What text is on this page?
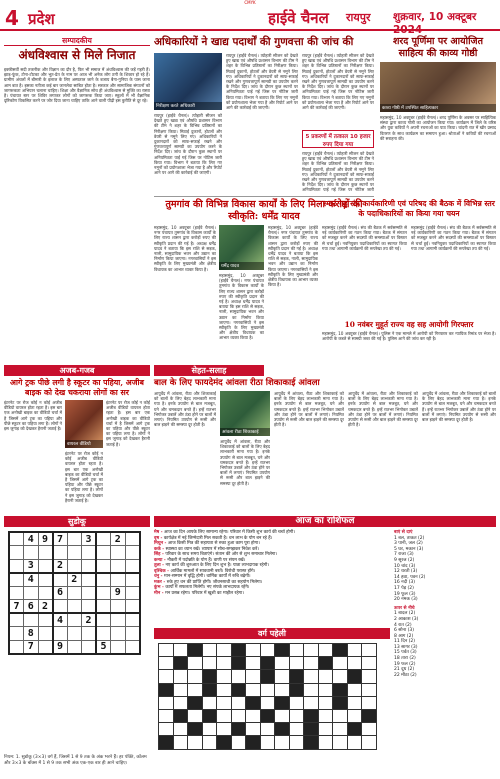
CMYK
4 प्रदेश	हाईवे चैनल रायपुर शुक्रवार, 10 अक्टूबर 2024
सम्पादकीय
अंधविश्वास से मिले निजात
इक्कीसवीं सदी तकनीक और विज्ञान का दौर है, फिर भी समाज में अंधविश्वास की जड़ें गहरी हैं। झाड़-फूंक, टोना-टोटका और भूत-प्रेत के नाम पर आज भी अनेक लोग ठगी के शिकार हो रहे हैं। ग्रामीण अंचलों में बीमारी के इलाज के लिए अस्पताल जाने के बजाय बैगा-गुनिया के पास जाना आम बात है। इसका नतीजा कई बार जानलेवा साबित होता है। सरकार और सामाजिक संगठनों को जागरूकता अभियान चलाना चाहिए। शिक्षा और वैज्ञानिक सोच ही अंधविश्वास से मुक्ति का रास्ता है। पंचायत स्तर पर शिविर लगाकर लोगों को जागरूक किया जाए। स्कूलों में भी वैज्ञानिक दृष्टिकोण विकसित करने पर जोर दिया जाना चाहिए ताकि आने वाली पीढ़ी इस कुरीति से दूर रहे।
अधिकारियों ने खाद्य पदार्थों की गुणवत्ता की जांच की
निरीक्षण करते अधिकारी
रायपुर (हाईवे चैनल)। त्योहारी सीजन को देखते हुए खाद्य एवं औषधि प्रशासन विभाग की टीम ने शहर के विभिन्न प्रतिष्ठानों का निरीक्षण किया। मिठाई दुकानों, होटलों और डेयरी से नमूने लिए गए। अधिकारियों ने दुकानदारों को साफ-सफाई रखने और गुणवत्तापूर्ण सामग्री का उपयोग करने के निर्देश दिए। जांच के दौरान कुछ स्थानों पर अनियमितता पाई गई जिस पर नोटिस जारी किया गया। विभाग ने बताया कि लिए गए नमूनों को प्रयोगशाला भेजा गया है और रिपोर्ट आने पर आगे की कार्रवाई की जाएगी।
रायपुर (हाईवे चैनल)। त्योहारी सीजन को देखते हुए खाद्य एवं औषधि प्रशासन विभाग की टीम ने शहर के विभिन्न प्रतिष्ठानों का निरीक्षण किया। मिठाई दुकानों, होटलों और डेयरी से नमूने लिए गए। अधिकारियों ने दुकानदारों को साफ-सफाई रखने और गुणवत्तापूर्ण सामग्री का उपयोग करने के निर्देश दिए। जांच के दौरान कुछ स्थानों पर अनियमितता पाई गई जिस पर नोटिस जारी किया गया। विभाग ने बताया कि लिए गए नमूनों को प्रयोगशाला भेजा गया है और रिपोर्ट आने पर आगे की कार्रवाई की जाएगी।
5 प्रकरणों में तत्काल 10 हजार रुपए दिया गया
रायपुर (हाईवे चैनल)। त्योहारी सीजन को देखते हुए खाद्य एवं औषधि प्रशासन विभाग की टीम ने शहर के विभिन्न प्रतिष्ठानों का निरीक्षण किया। मिठाई दुकानों, होटलों और डेयरी से नमूने लिए गए। अधिकारियों ने दुकानदारों को साफ-सफाई रखने और गुणवत्तापूर्ण सामग्री का उपयोग करने के निर्देश दिए। जांच के दौरान कुछ स्थानों पर अनियमितता पाई गई जिस पर नोटिस जारी किया गया। विभाग ने बताया कि लिए गए नमूनों को प्रयोगशाला भेजा गया है और रिपोर्ट आने पर आगे की कार्रवाई की जाएगी।
रायपुर (हाईवे चैनल)। त्योहारी सीजन को देखते हुए खाद्य एवं औषधि प्रशासन विभाग की टीम ने शहर के विभिन्न प्रतिष्ठानों का निरीक्षण किया। मिठाई दुकानों, होटलों और डेयरी से नमूने लिए गए। अधिकारियों ने दुकानदारों को साफ-सफाई रखने और गुणवत्तापूर्ण सामग्री का उपयोग करने के निर्देश दिए। जांच के दौरान कुछ स्थानों पर अनियमितता पाई गई जिस पर नोटिस जारी
शरद पूर्णिमा पर आयोजित साहित्य की काव्य गोष्ठी
काव्य गोष्ठी में उपस्थित साहित्यकार
महासमुंद, 10 अक्टूबर (हाईवे चैनल)। शरद पूर्णिमा के अवसर पर साहित्यिक संस्था द्वारा काव्य गोष्ठी का आयोजन किया गया। कार्यक्रम में जिले के वरिष्ठ और युवा कवियों ने अपनी रचनाओं का पाठ किया। चांदनी रात में खीर प्रसाद वितरण के साथ कार्यक्रम का समापन हुआ। श्रोताओं ने कवियों की रचनाओं की सराहना की।
तुमगांव की विभिन्न विकास कार्यों के लिए मिला करोड़ों की स्वीकृति: धर्मेंद्र यादव
महासमुंद, 10 अक्टूबर (हाईवे चैनल)। नगर पंचायत तुमगांव के विकास कार्यों के लिए राज्य शासन द्वारा करोड़ों रुपए की स्वीकृति प्रदान की गई है। अध्यक्ष धर्मेंद्र यादव ने बताया कि इस राशि से सड़क, नाली, सामुदायिक भवन और उद्यान का निर्माण किया जाएगा। नगरवासियों ने इस स्वीकृति के लिए मुख्यमंत्री और क्षेत्रीय विधायक का आभार व्यक्त किया है।
धर्मेंद्र यादव
महासमुंद, 10 अक्टूबर (हाईवे चैनल)। नगर पंचायत तुमगांव के विकास कार्यों के लिए राज्य शासन द्वारा करोड़ों रुपए की स्वीकृति प्रदान की गई है। अध्यक्ष धर्मेंद्र यादव ने बताया कि इस राशि से सड़क, नाली, सामुदायिक भवन और उद्यान का निर्माण किया जाएगा। नगरवासियों ने इस स्वीकृति के लिए मुख्यमंत्री और क्षेत्रीय विधायक का आभार व्यक्त किया है।
महासमुंद, 10 अक्टूबर (हाईवे चैनल)। नगर पंचायत तुमगांव के विकास कार्यों के लिए राज्य शासन द्वारा करोड़ों रुपए की स्वीकृति प्रदान की गई है। अध्यक्ष धर्मेंद्र यादव ने बताया कि इस राशि से सड़क, नाली, सामुदायिक भवन और उद्यान का निर्माण किया जाएगा। नगरवासियों ने इस स्वीकृति के लिए मुख्यमंत्री और क्षेत्रीय विधायक का आभार व्यक्त किया है।
स्मार्ट गड्ड संघ कार्यकारिणी एवं परिषद की बैठक में विभिन्न स्तर के पदाधिकारियों का किया गया चयन
महासमुंद (हाईवे चैनल)। संघ की बैठक में सर्वसम्मति से नई कार्यकारिणी का गठन किया गया। बैठक में संगठन को मजबूत करने और सदस्यों की समस्याओं पर विस्तार से चर्चा हुई। नवनियुक्त पदाधिकारियों का स्वागत किया गया तथा आगामी कार्यक्रमों की रूपरेखा तय की गई।
महासमुंद (हाईवे चैनल)। संघ की बैठक में सर्वसम्मति से नई कार्यकारिणी का गठन किया गया। बैठक में संगठन को मजबूत करने और सदस्यों की समस्याओं पर विस्तार से चर्चा हुई। नवनियुक्त पदाधिकारियों का स्वागत किया गया तथा आगामी कार्यक्रमों की रूपरेखा तय की गई।
10 नवंबर मुहूर्त राज्य वह सह आयोगी गिरफ्तार
महासमुंद, 10 अक्टूबर (हाईवे चैनल)। पुलिस ने एक मामले में आरोपी को गिरफ्तार कर न्यायिक रिमांड पर भेजा है। आरोपी के कब्जे से सामग्री जब्त की गई है। पुलिस आगे की जांच कर रही है।
अजब-गजब
आगे ट्रक पीछे लगी है स्कूटर का पहिया, अजीब बाइक को देख चकराया लोगों का सर
इंटरनेट पर रोज कोई न कोई अजीब वीडियो वायरल होता रहता है। इस बार एक अनोखी बाइक का वीडियो चर्चा में है जिसमें आगे ट्रक का पहिया और पीछे स्कूटर का पहिया लगा है। लोगों ने इस जुगाड़ को देखकर हैरानी जताई है।
वायरल वीडियो
इंटरनेट पर रोज कोई न कोई अजीब वीडियो वायरल होता रहता है। इस बार एक अनोखी बाइक का वीडियो चर्चा में है जिसमें आगे ट्रक का पहिया और पीछे स्कूटर का पहिया लगा है। लोगों ने इस जुगाड़ को देखकर हैरानी जताई है।
इंटरनेट पर रोज कोई न कोई अजीब वीडियो वायरल होता रहता है। इस बार एक अनोखी बाइक का वीडियो चर्चा में है जिसमें आगे ट्रक का पहिया और पीछे स्कूटर का पहिया लगा है। लोगों ने इस जुगाड़ को देखकर हैरानी जताई है।
सेहत-सलाह
बाल के लिए फायदेमंद आंवला रीठा शिकाकाई आंवला
आयुर्वेद में आंवला, रीठा और शिकाकाई को बालों के लिए बेहद लाभकारी माना गया है। इनके उपयोग से बाल मजबूत, घने और चमकदार बनते हैं। इन्हें रातभर भिगोकर उबालें और ठंडा होने पर बालों में लगाएं। नियमित उपयोग से रूसी और बाल झड़ने की समस्या दूर होती है।
आंवला रीठा शिकाकाई
आयुर्वेद में आंवला, रीठा और शिकाकाई को बालों के लिए बेहद लाभकारी माना गया है। इनके उपयोग से बाल मजबूत, घने और चमकदार बनते हैं। इन्हें रातभर भिगोकर उबालें और ठंडा होने पर बालों में लगाएं। नियमित उपयोग से रूसी और बाल झड़ने की समस्या दूर होती है।
आयुर्वेद में आंवला, रीठा और शिकाकाई को बालों के लिए बेहद लाभकारी माना गया है। इनके उपयोग से बाल मजबूत, घने और चमकदार बनते हैं। इन्हें रातभर भिगोकर उबालें और ठंडा होने पर बालों में लगाएं। नियमित उपयोग से रूसी और बाल झड़ने की समस्या दूर होती है।
आयुर्वेद में आंवला, रीठा और शिकाकाई को बालों के लिए बेहद लाभकारी माना गया है। इनके उपयोग से बाल मजबूत, घने और चमकदार बनते हैं। इन्हें रातभर भिगोकर उबालें और ठंडा होने पर बालों में लगाएं। नियमित उपयोग से रूसी और बाल झड़ने की समस्या दूर होती है।
आयुर्वेद में आंवला, रीठा और शिकाकाई को बालों के लिए बेहद लाभकारी माना गया है। इनके उपयोग से बाल मजबूत, घने और चमकदार बनते हैं। इन्हें रातभर भिगोकर उबालें और ठंडा होने पर बालों में लगाएं। नियमित उपयोग से रूसी और बाल झड़ने की समस्या दूर होती है।
सुडोकू
	4	9	7		3		2	

	3		2					
	4			2				
			6				9	
7	6	2						
			4		2			
	8							
	7		9			5		
नियम: 1. सुडोकू (3×3) वर्ग हैं, जिसमें 1 से 9 तक के अंक भरने हैं। हर पंक्ति, कॉलम और 3×3 के बॉक्स में 1 से 9 तक सभी अंक एक-एक बार ही आने चाहिए।
आज का राशिफल
मेष - आज का दिन आपके लिए सामान्य रहेगा। परिवार में किसी शुभ कार्य की चर्चा होगी।
वृष - कार्यक्षेत्र में नई जिम्मेदारी मिल सकती है। धन लाभ के योग बन रहे हैं।
मिथुन - आज किसी मित्र की सहायता से रुका हुआ काम पूरा होगा।
कर्क - स्वास्थ्य का ध्यान रखें। व्यापार में सोच-समझकर निवेश करें।
सिंह - परिवार के साथ समय बिताएंगे। संतान की ओर से शुभ समाचार मिलेगा।
कन्या - नौकरी में पदोन्नति के योग हैं। वाणी पर संयम रखें।
तुला - नए कार्य की शुरुआत के लिए दिन शुभ है। यात्रा लाभदायक रहेगी।
वृश्चिक - आर्थिक मामलों में सावधानी बरतें। विरोधी परास्त होंगे।
धनु - मान-सम्मान में वृद्धि होगी। धार्मिक कार्यों में रुचि बढ़ेगी।
मकर - रुके हुए धन की प्राप्ति होगी। जीवनसाथी का सहयोग मिलेगा।
कुंभ - कार्यों में सफलता मिलेगी। नए संपर्क लाभदायक रहेंगे।
मीन - मन प्रसन्न रहेगा। परिवार में खुशी का माहौल रहेगा।
वर्ग पहेली

बाएं से दाएं
1 बल, ताकत (2)
3 पानी, जल (2)
5 घर, मकान (3)
7 राजा (3)
9 सूरज (2)
10 चांद (3)
12 धरती (3)
14 हवा, पवन (2)
16 नदी (3)
17 पेड़ (2)
19 फूल (3)
20 नमक (3)
ऊपर से नीचे
1 बादल (2)
2 आकाश (3)
4 रात (2)
6 सोना (3)
8 आग (2)
11 दिन (2)
13 सागर (3)
15 पर्वत (3)
18 तारा (2)
19 फल (2)
21 दूध (2)
22 मीठा (2)
